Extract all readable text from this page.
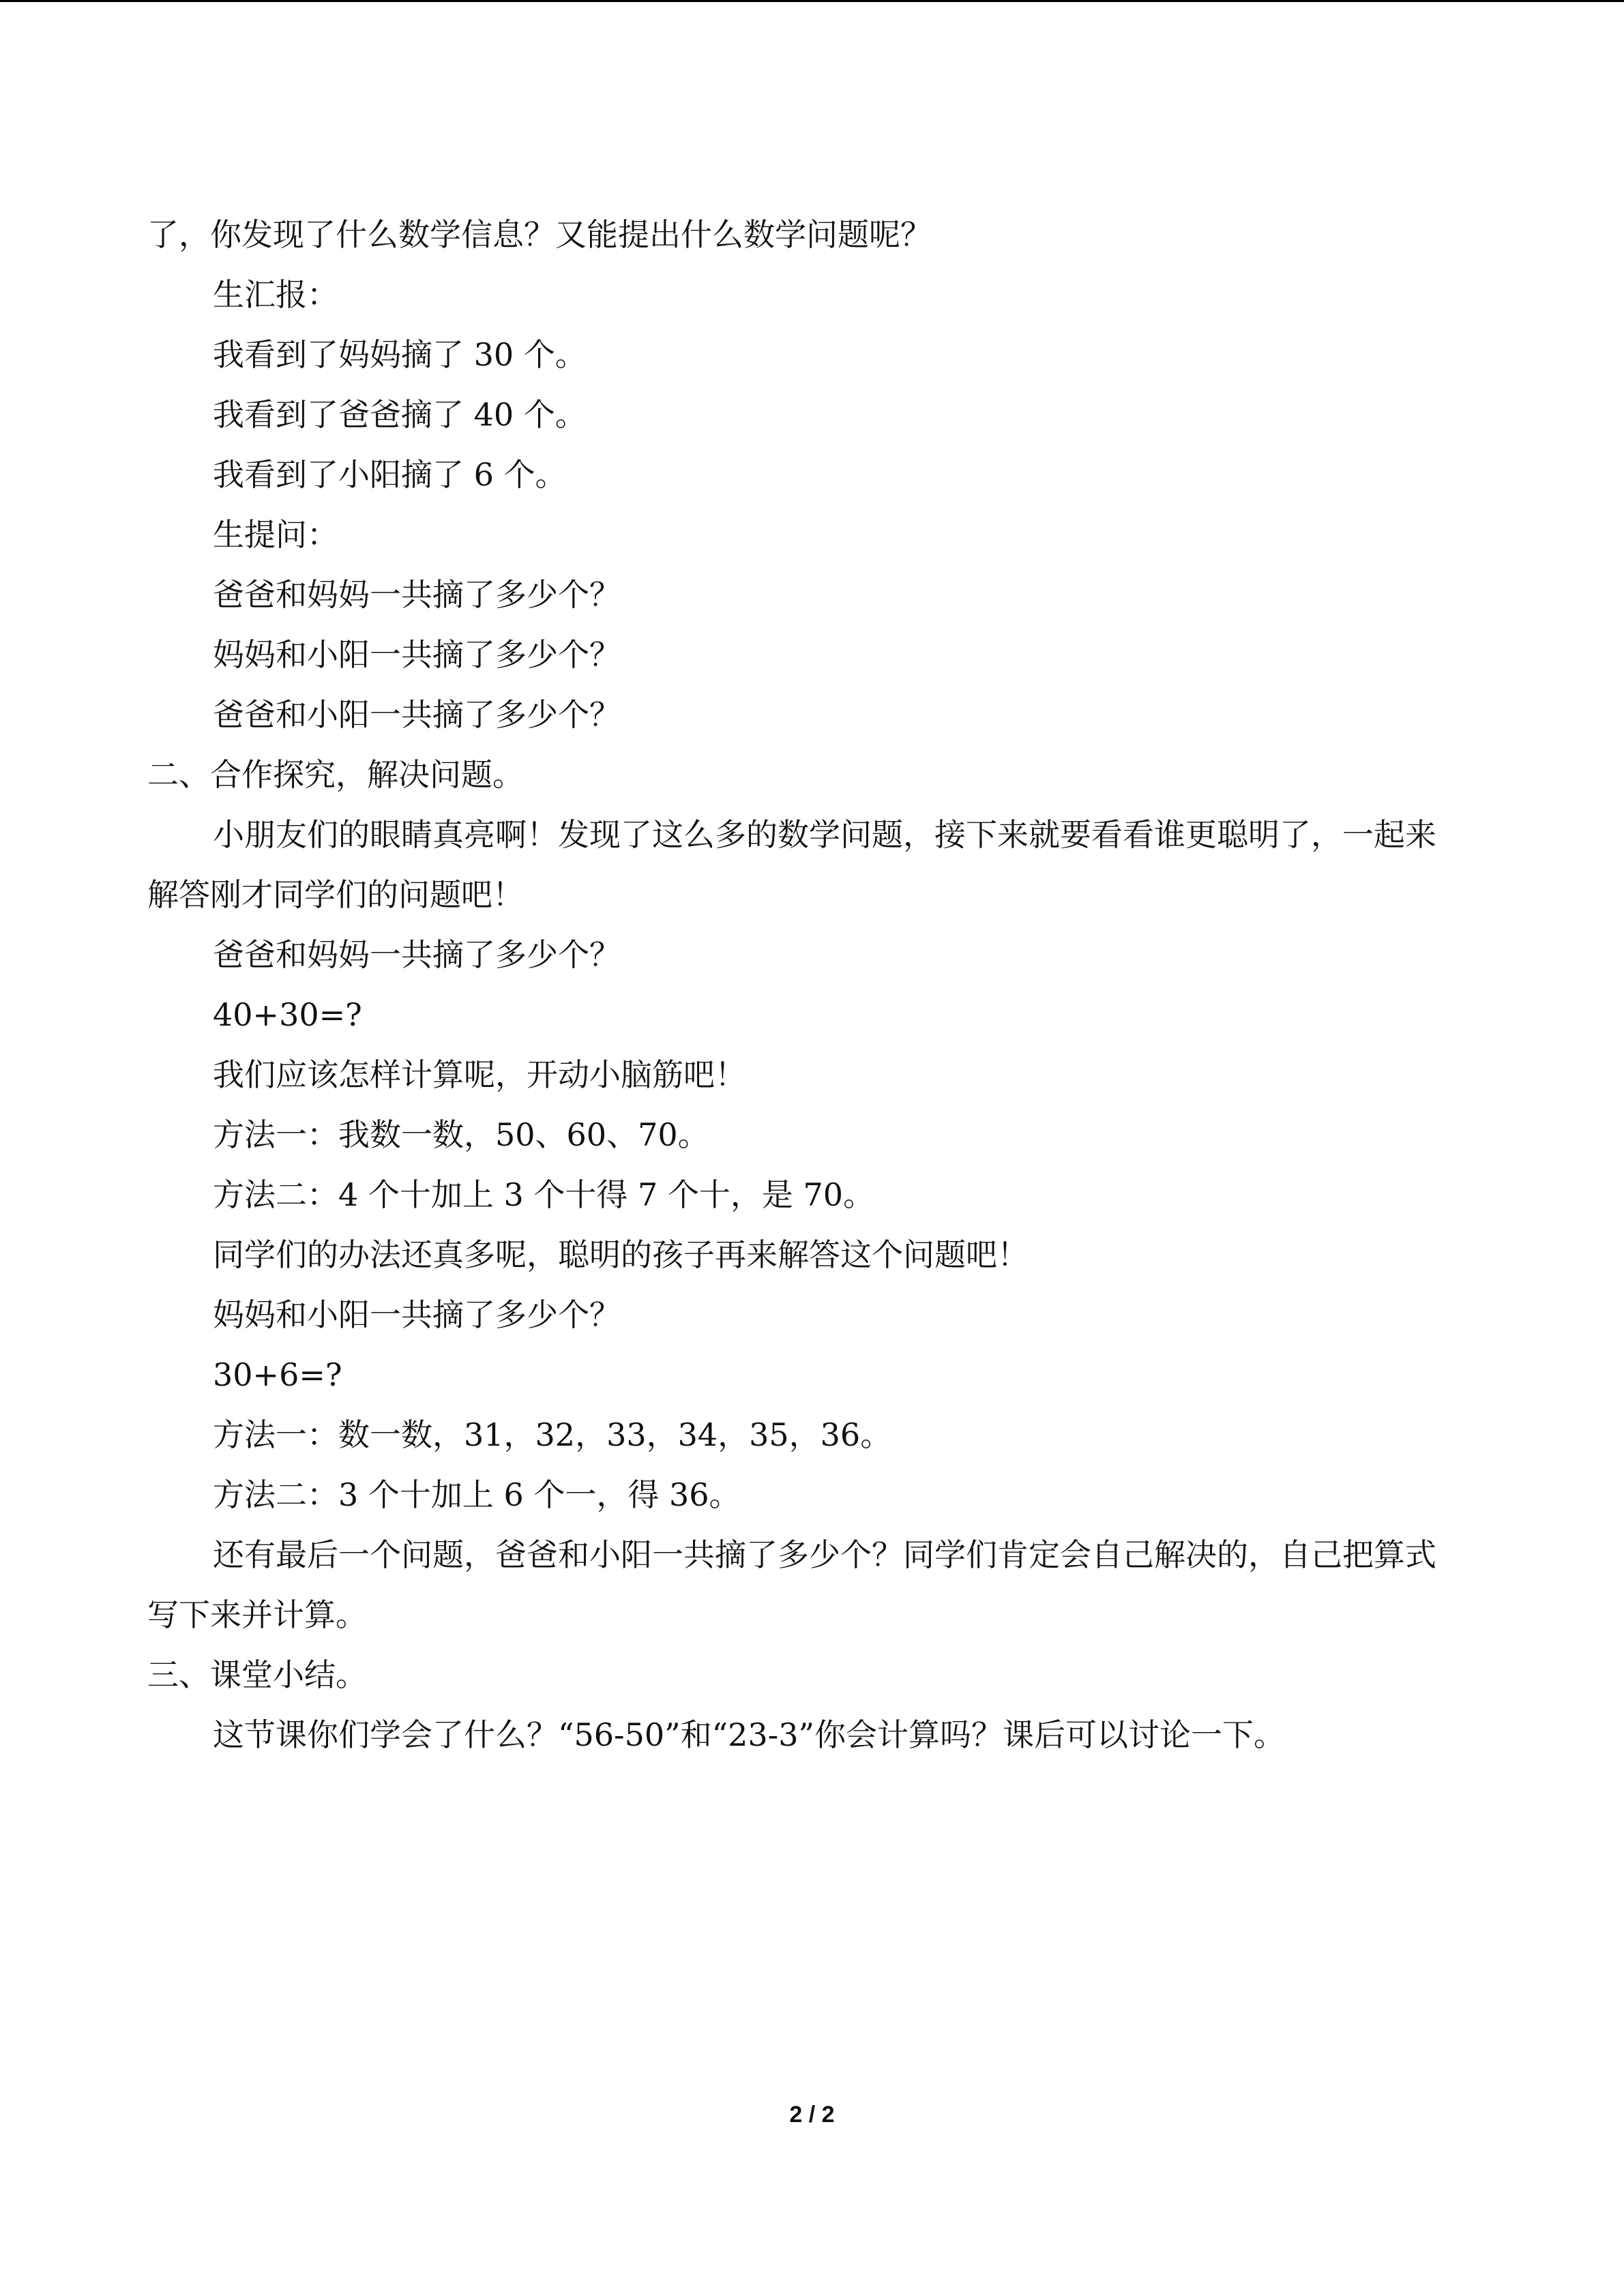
了，你发现了什么数学信息？又能提出什么数学问题呢？

生汇报：

我看到了妈妈摘了 30 个。

我看到了爸爸摘了 40 个。

我看到了小阳摘了 6 个。

生提问：

爸爸和妈妈一共摘了多少个？

妈妈和小阳一共摘了多少个？

爸爸和小阳一共摘了多少个？

二、合作探究，解决问题。

小朋友们的眼睛真亮啊！发现了这么多的数学问题，接下来就要看看谁更聪明了，一起来解答刚才同学们的问题吧！

爸爸和妈妈一共摘了多少个？

40+30=?

我们应该怎样计算呢，开动小脑筋吧！

方法一：我数一数，50、60、70。

方法二：4 个十加上 3 个十得 7 个十，是 70。

同学们的办法还真多呢，聪明的孩子再来解答这个问题吧！

妈妈和小阳一共摘了多少个？

30+6=?

方法一：数一数，31，32，33，34，35，36。

方法二：3 个十加上 6 个一，得 36。

还有最后一个问题，爸爸和小阳一共摘了多少个？同学们肯定会自己解决的，自己把算式写下来并计算。

三、课堂小结。

这节课你们学会了什么？“56-50”和“23-3”你会计算吗？课后可以讨论一下。

2 / 2
